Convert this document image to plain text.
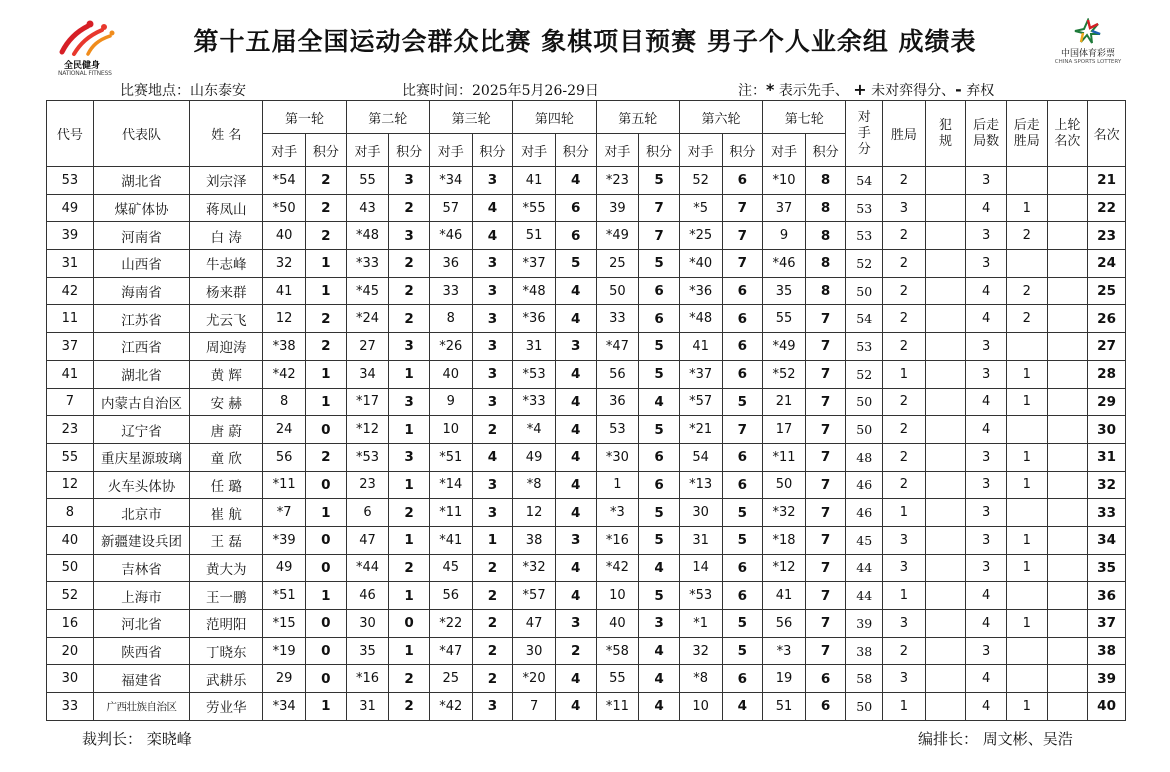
全民健身
NATIONAL FITNESS
第十五届全国运动会群众比赛 象棋项目预赛 男子个人业余组 成绩表	中国体育彩票
CHINA SPORTS LOTTERY
比赛地点：山东泰安	比赛时间：2025年5月26-29日	注：* 表示先手、 + 未对弈得分、- 弃权
代号	代表队	姓 名	第一轮		第二轮		第三轮		第四轮		第五轮		第六轮		第七轮		对手分	胜局	犯规	后走局数	后走胜局	上轮名次	名次
			对手	积分	对手	积分	对手	积分	对手	积分	对手	积分	对手	积分	对手	积分							
53	湖北省	刘宗泽	*54	2	55	3	*34	3	41	4	*23	5	52	6	*10	8	54	2		3			21
49	煤矿体协	蒋凤山	*50	2	43	2	57	4	*55	6	39	7	*5	7	37	8	53	3		4	1		22
39	河南省	白 涛	40	2	*48	3	*46	4	51	6	*49	7	*25	7	9	8	53	2		3	2		23
31	山西省	牛志峰	32	1	*33	2	36	3	*37	5	25	5	*40	7	*46	8	52	2		3			24
42	海南省	杨来群	41	1	*45	2	33	3	*48	4	50	6	*36	6	35	8	50	2		4	2		25
11	江苏省	尤云飞	12	2	*24	2	8	3	*36	4	33	6	*48	6	55	7	54	2		4	2		26
37	江西省	周迎涛	*38	2	27	3	*26	3	31	3	*47	5	41	6	*49	7	53	2		3			27
41	湖北省	黄 辉	*42	1	34	1	40	3	*53	4	56	5	*37	6	*52	7	52	1		3	1		28
7	内蒙古自治区	安 赫	8	1	*17	3	9	3	*33	4	36	4	*57	5	21	7	50	2		4	1		29
23	辽宁省	唐 蔚	24	0	*12	1	10	2	*4	4	53	5	*21	7	17	7	50	2		4			30
55	重庆星源玻璃	童 欣	56	2	*53	3	*51	4	49	4	*30	6	54	6	*11	7	48	2		3	1		31
12	火车头体协	任 璐	*11	0	23	1	*14	3	*8	4	1	6	*13	6	50	7	46	2		3	1		32
8	北京市	崔 航	*7	1	6	2	*11	3	12	4	*3	5	30	5	*32	7	46	1		3			33
40	新疆建设兵团	王 磊	*39	0	47	1	*41	1	38	3	*16	5	31	5	*18	7	45	3		3	1		34
50	吉林省	黄大为	49	0	*44	2	45	2	*32	4	*42	4	14	6	*12	7	44	3		3	1		35
52	上海市	王一鹏	*51	1	46	1	56	2	*57	4	10	5	*53	6	41	7	44	1		4			36
16	河北省	范明阳	*15	0	30	0	*22	2	47	3	40	3	*1	5	56	7	39	3		4	1		37
20	陕西省	丁晓东	*19	0	35	1	*47	2	30	2	*58	4	32	5	*3	7	38	2		3			38
30	福建省	武耕乐	29	0	*16	2	25	2	*20	4	55	4	*8	6	19	6	58	3		4			39
33	广西壮族自治区	劳业华	*34	1	31	2	*42	3	7	4	*11	4	10	4	51	6	50	1		4	1		40
裁判长： 栾晓峰	编排长： 周文彬、吴浩
